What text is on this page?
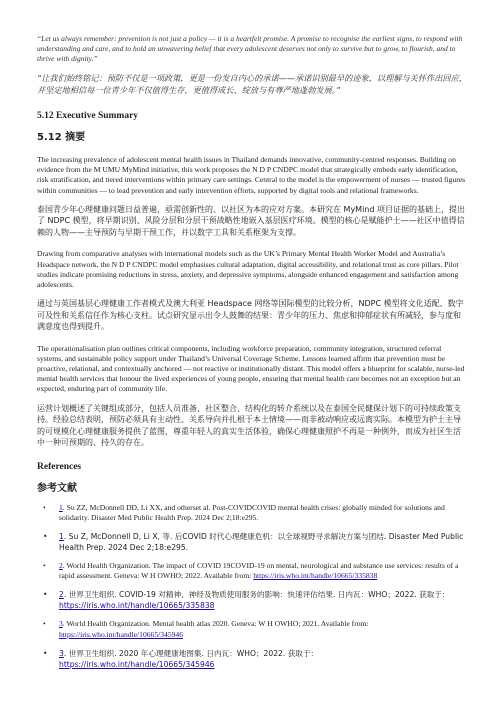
“Let us always remember: prevention is not just a policy — it is a heartfelt promise. A promise to recognise the earliest signs, to respond with understanding and care, and to hold an unwavering belief that every adolescent deserves not only to survive but to grow, to flourish, and to thrive with dignity.”

“让我们始终铭记：预防不仅是一项政策，更是一份发自内心的承诺——承诺识别最早的迹象，以理解与关怀作出回应，并坚定地相信每一位青少年不仅值得生存，更值得成长、绽放与有尊严地蓬勃发展。”

5.12 Executive Summary

5.12 摘要

The increasing prevalence of adolescent mental health issues in Thailand demands innovative, community-centred responses. Building on evidence from the M UMU MyMind initiative, this work proposes the N D P CNDPC model that strategically embeds early identification, risk stratification, and tiered interventions within primary care settings. Central to the model is the empowerment of nurses — trusted figures within communities — to lead prevention and early intervention efforts, supported by digital tools and relational frameworks.

泰国青少年心理健康问题日益普遍，亟需创新性的、以社区为本的应对方案。本研究在 MyMind 项目证据的基础上，提出了 NDPC 模型，将早期识别、风险分层和分层干预战略性地嵌入基层医疗环境。模型的核心是赋能护士——社区中值得信赖的人物——主导预防与早期干预工作，并以数字工具和关系框架为支撑。

Drawing from comparative analyses with international models such as the UK’s Primary Mental Health Worker Model and Australia’s Headspace network, the N D P CNDPC model emphasises cultural adaptation, digital accessibility, and relational trust as core pillars. Pilot studies indicate promising reductions in stress, anxiety, and depressive symptoms, alongside enhanced engagement and satisfaction among adolescents.

通过与英国基层心理健康工作者模式及澳大利亚 Headspace 网络等国际模型的比较分析，NDPC 模型将文化适配、数字可及性和关系信任作为核心支柱。试点研究显示出令人鼓舞的结果：青少年的压力、焦虑和抑郁症状有所减轻，参与度和满意度也得到提升。

The operationalisation plan outlines critical components, including workforce preparation, community integration, structured referral systems, and sustainable policy support under Thailand’s Universal Coverage Scheme. Lessons learned affirm that prevention must be proactive, relational, and contextually anchored — not reactive or institutionally distant. This model offers a blueprint for scalable, nurse-led mental health services that honour the lived experiences of young people, ensuring that mental health care becomes not an exception but an expected, enduring part of community life.

运营计划概述了关键组成部分，包括人员准备、社区整合、结构化的转介系统以及在泰国全民健保计划下的可持续政策支持。经验总结表明，预防必须具有主动性、关系导向并扎根于本土情境——而非被动响应或远离实际。本模型为护士主导的可规模化心理健康服务提供了蓝图，尊重年轻人的真实生活体验，确保心理健康照护不再是一种例外，而成为社区生活中一种可预期的、持久的存在。

References

参考文献

•	1. Su ZZ, McDonnell DD, Li XX, and otherset al. Post-COVIDCOVID mental health crises: globally minded for solutions and solidarity. Disaster Med Public Health Prep. 2024 Dec 2;18:e295.
•	1. Su Z, McDonnell D, Li X, 等. 后COVID 时代心理健康危机：以全球视野寻求解决方案与团结. Disaster Med Public Health Prep. 2024 Dec 2;18:e295.
•	2. World Health Organization. The impact of COVID 19COVID-19 on mental, neurological and substance use services: results of a rapid assessment. Geneva: W H OWHO; 2022. Available from: https://iris.who.int/handle/10665/335838
•	2. 世界卫生组织. COVID-19 对精神、神经及物质使用服务的影响：快速评估结果. 日内瓦：WHO；2022. 获取于：https://iris.who.int/handle/10665/335838
•	3. World Health Organization. Mental health atlas 2020. Geneva: W H OWHO; 2021. Available from: https://iris.who.int/handle/10665/345946
•	3. 世界卫生组织. 2020 年心理健康地图集. 日内瓦：WHO；2022. 获取于：https://iris.who.int/handle/10665/345946
